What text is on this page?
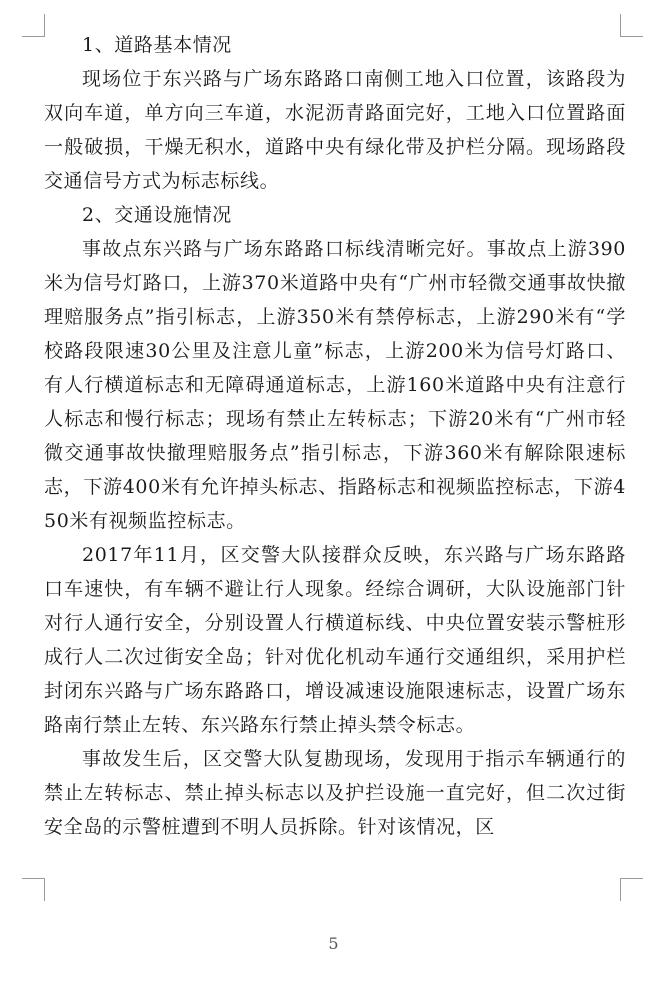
1、道路基本情况

现场位于东兴路与广场东路路口南侧工地入口位置，该路段为双向车道，单方向三车道，水泥沥青路面完好，工地入口位置路面一般破损，干燥无积水，道路中央有绿化带及护栏分隔。现场路段交通信号方式为标志标线。

2、交通设施情况

事故点东兴路与广场东路路口标线清晰完好。事故点上游390米为信号灯路口，上游370米道路中央有“广州市轻微交通事故快撤理赔服务点”指引标志，上游350米有禁停标志，上游290米有“学校路段限速30公里及注意儿童”标志，上游200米为信号灯路口、有人行横道标志和无障碍通道标志，上游160米道路中央有注意行人标志和慢行标志；现场有禁止左转标志；下游20米有“广州市轻微交通事故快撤理赔服务点”指引标志，下游360米有解除限速标志，下游400米有允许掉头标志、指路标志和视频监控标志，下游450米有视频监控标志。

2017年11月，区交警大队接群众反映，东兴路与广场东路路口车速快，有车辆不避让行人现象。经综合调研，大队设施部门针对行人通行安全，分别设置人行横道标线、中央位置安装示警桩形成行人二次过街安全岛；针对优化机动车通行交通组织，采用护栏封闭东兴路与广场东路路口，增设减速设施限速标志，设置广场东路南行禁止左转、东兴路东行禁止掉头禁令标志。

事故发生后，区交警大队复勘现场，发现用于指示车辆通行的禁止左转标志、禁止掉头标志以及护拦设施一直完好，但二次过街安全岛的示警桩遭到不明人员拆除。针对该情况，区

5
